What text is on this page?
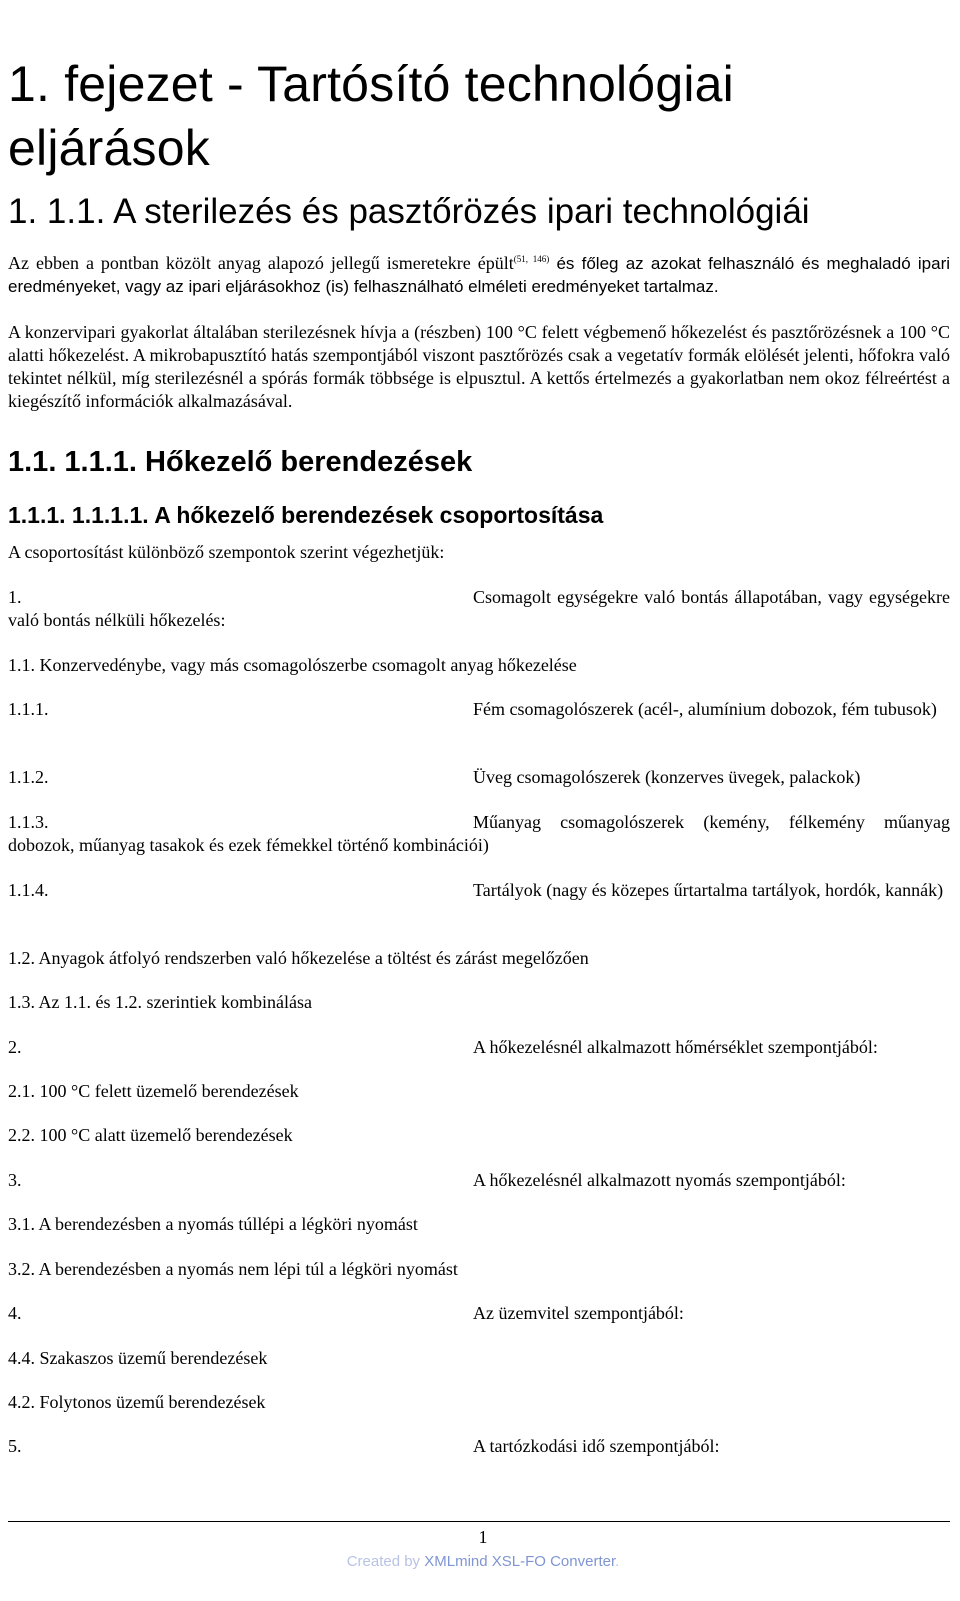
1. fejezet - Tartósító technológiai eljárások
1. 1.1. A sterilezés és pasztőrözés ipari technológiái

Az ebben a pontban közölt anyag alapozó jellegű ismeretekre épült$^{(51, 146)}$ és főleg az azokat felhasználó és meghaladó ipari eredményeket, vagy az ipari eljárásokhoz (is) felhasználható elméleti eredményeket tartalmaz.

A konzervipari gyakorlat általában sterilezésnek hívja a (részben) 100 °C felett végbemenő hőkezelést és pasztőrözésnek a 100 °C alatti hőkezelést. A mikrobapusztító hatás szempontjából viszont pasztőrözés csak a vegetatív formák elölését jelenti, hőfokra való tekintet nélkül, míg sterilezésnél a spórás formák többsége is elpusztul. A kettős értelmezés a gyakorlatban nem okoz félreértést a kiegészítő információk alkalmazásával.

1.1. 1.1.1. Hőkezelő berendezések
1.1.1. 1.1.1.1. A hőkezelő berendezések csoportosítása

A csoportosítást különböző szempontok szerint végezhetjük:

1.	Csomagolt egységekre való bontás állapotában, vagy egységekre való bontás nélküli hőkezelés:

1.1. Konzervedénybe, vagy más csomagolószerbe csomagolt anyag hőkezelése

1.1.1.	Fém csomagolószerek (acél-, alumínium dobozok, fém tubusok)

1.1.2.	Üveg csomagolószerek (konzerves üvegek, palackok)

1.1.3.	Műanyag csomagolószerek (kemény, félkemény műanyag dobozok, műanyag tasakok és ezek fémekkel történő kombinációi)

1.1.4.	Tartályok (nagy és közepes űrtartalma tartályok, hordók, kannák)

1.2. Anyagok átfolyó rendszerben való hőkezelése a töltést és zárást megelőzően

1.3. Az 1.1. és 1.2. szerintiek kombinálása

2.	A hőkezelésnél alkalmazott hőmérséklet szempontjából:

2.1. 100 °C felett üzemelő berendezések

2.2. 100 °C alatt üzemelő berendezések

3.	A hőkezelésnél alkalmazott nyomás szempontjából:

3.1. A berendezésben a nyomás túllépi a légköri nyomást

3.2. A berendezésben a nyomás nem lépi túl a légköri nyomást

4.	Az üzemvitel szempontjából:

4.4. Szakaszos üzemű berendezések

4.2. Folytonos üzemű berendezések

5.	A tartózkodási idő szempontjából:

1
Created by XMLmind XSL-FO Converter.
